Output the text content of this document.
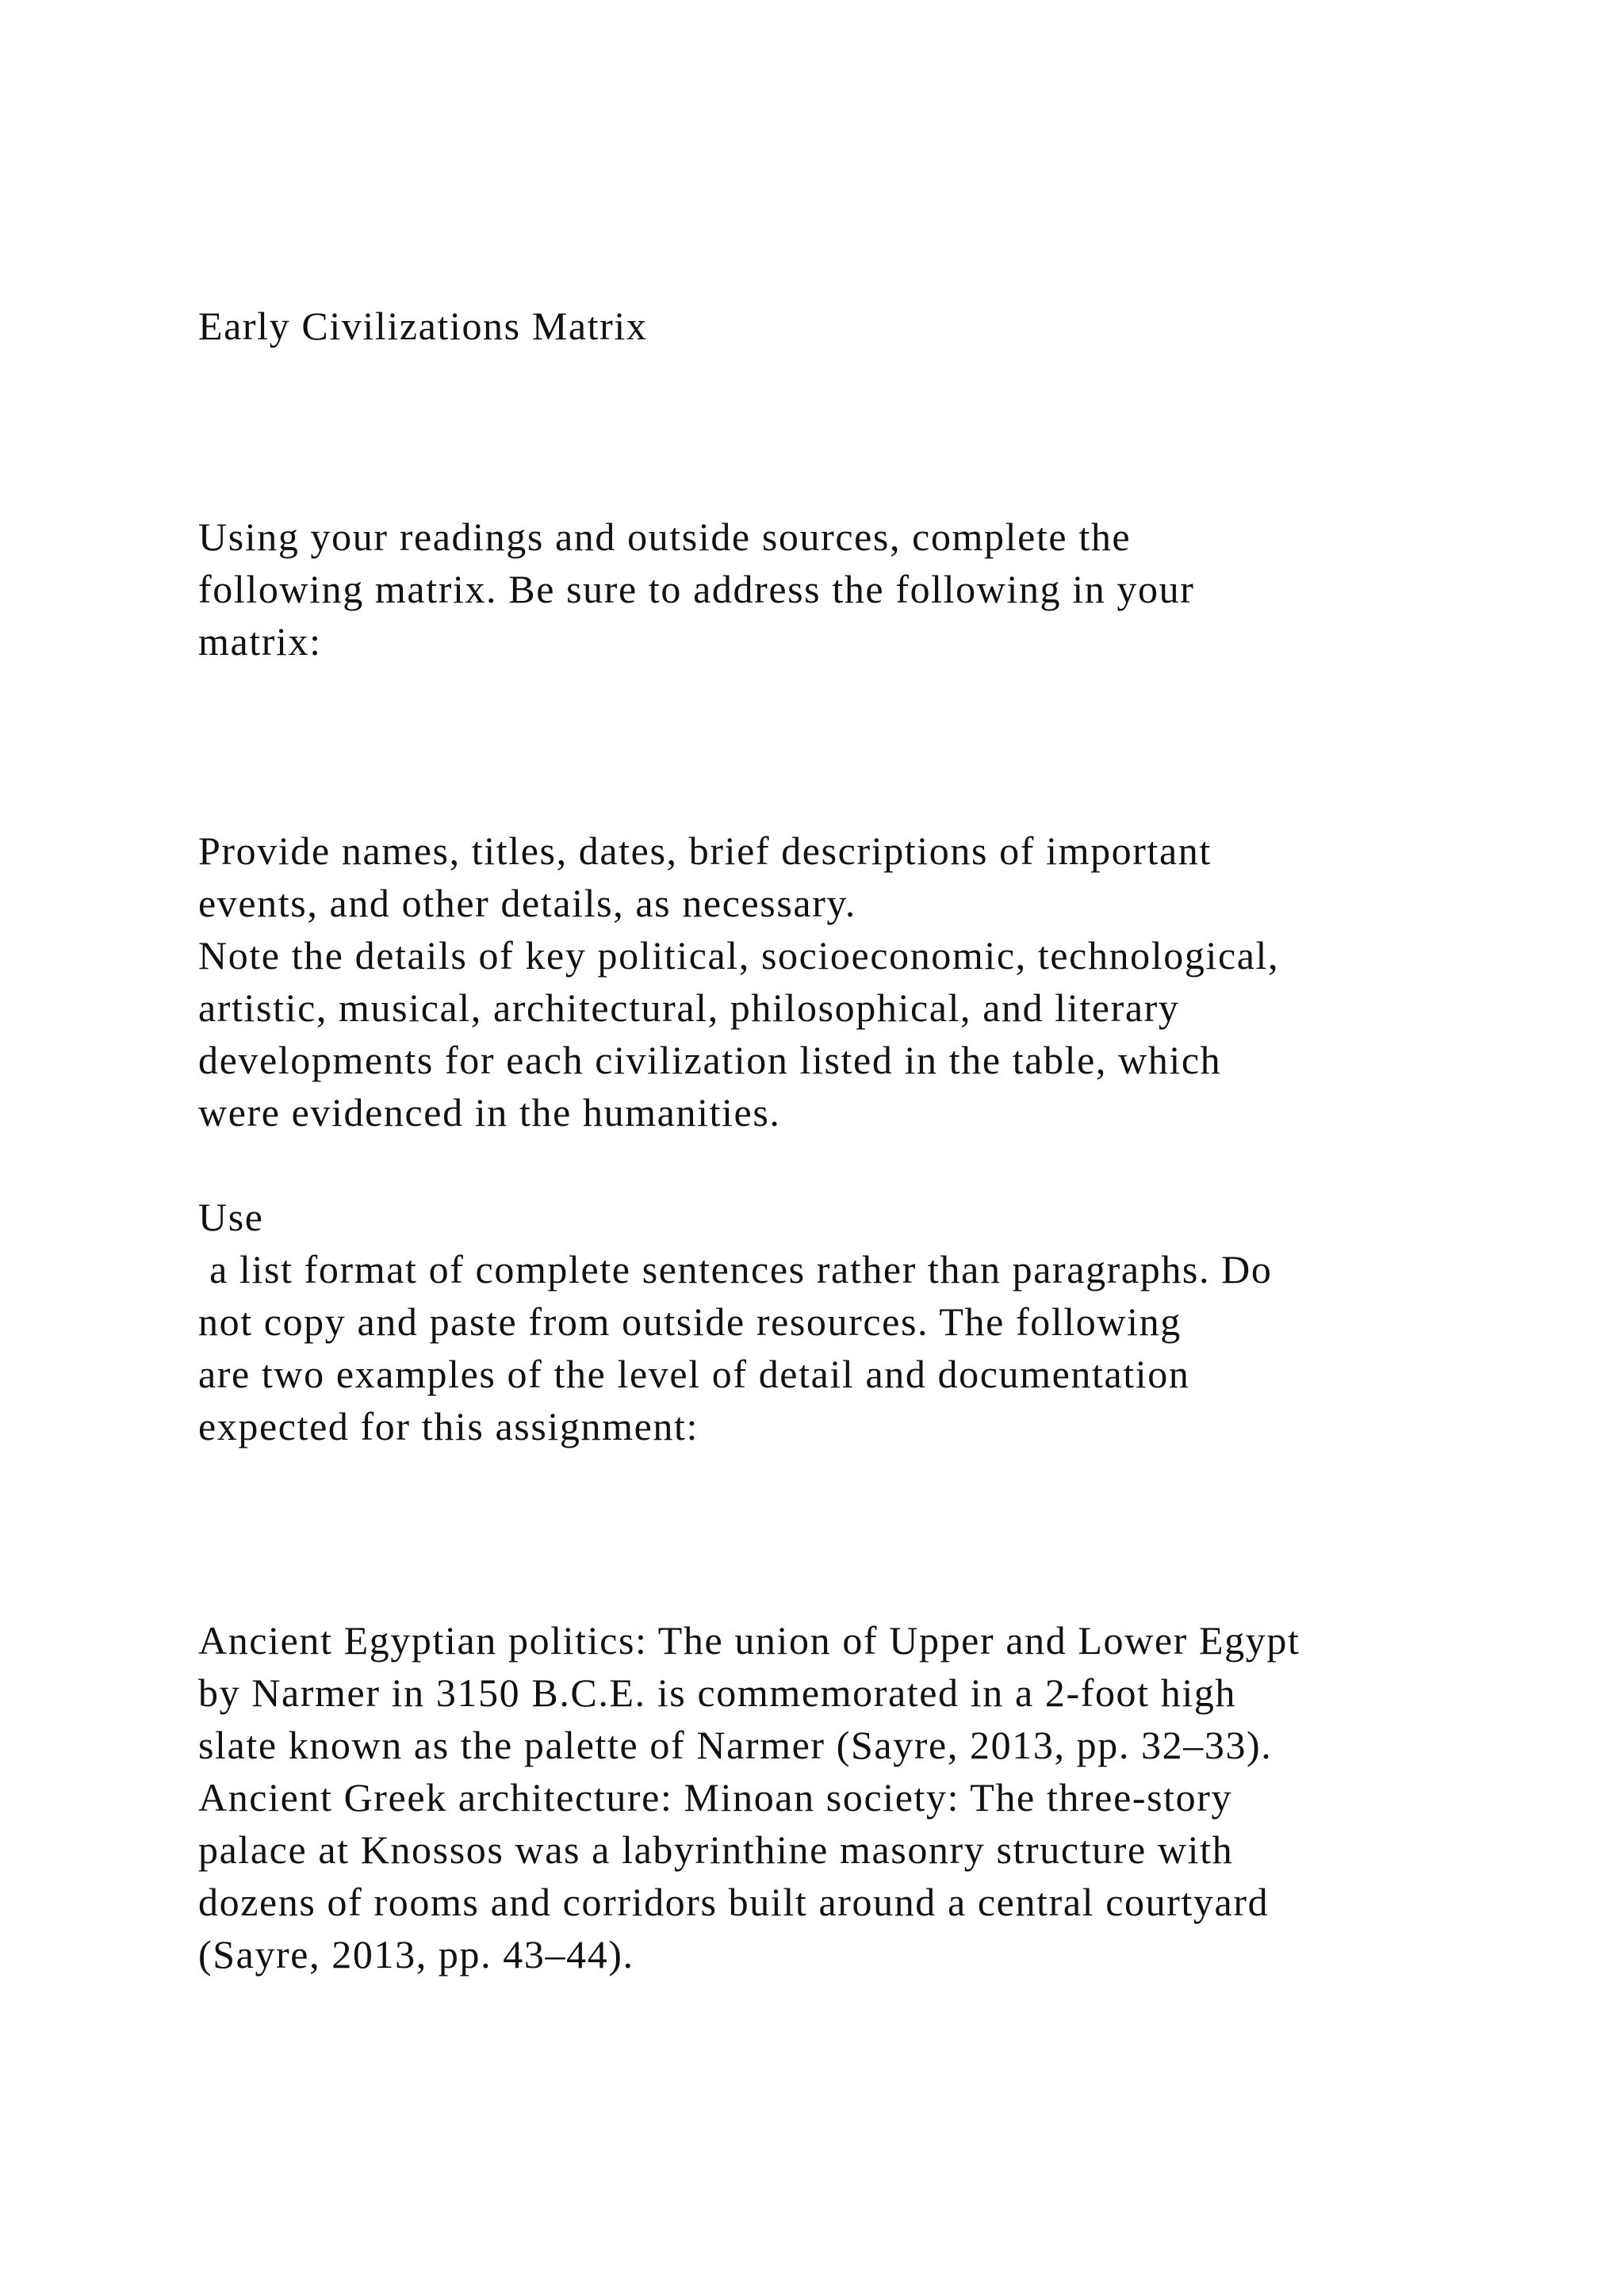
Early Civilizations Matrix
Using your readings and outside sources, complete the
following matrix. Be sure to address the following in your
matrix:
Provide names, titles, dates, brief descriptions of important
events, and other details, as necessary.
Note the details of key political, socioeconomic, technological,
artistic, musical, architectural, philosophical, and literary
developments for each civilization listed in the table, which
were evidenced in the humanities.
Use
a list format of complete sentences rather than paragraphs. Do
not copy and paste from outside resources. The following
are two examples of the level of detail and documentation
expected for this assignment:
Ancient Egyptian politics: The union of Upper and Lower Egypt
by Narmer in 3150 B.C.E. is commemorated in a 2-foot high
slate known as the palette of Narmer (Sayre, 2013, pp. 32–33).
Ancient Greek architecture: Minoan society: The three-story
palace at Knossos was a labyrinthine masonry structure with
dozens of rooms and corridors built around a central courtyard
(Sayre, 2013, pp. 43–44).
